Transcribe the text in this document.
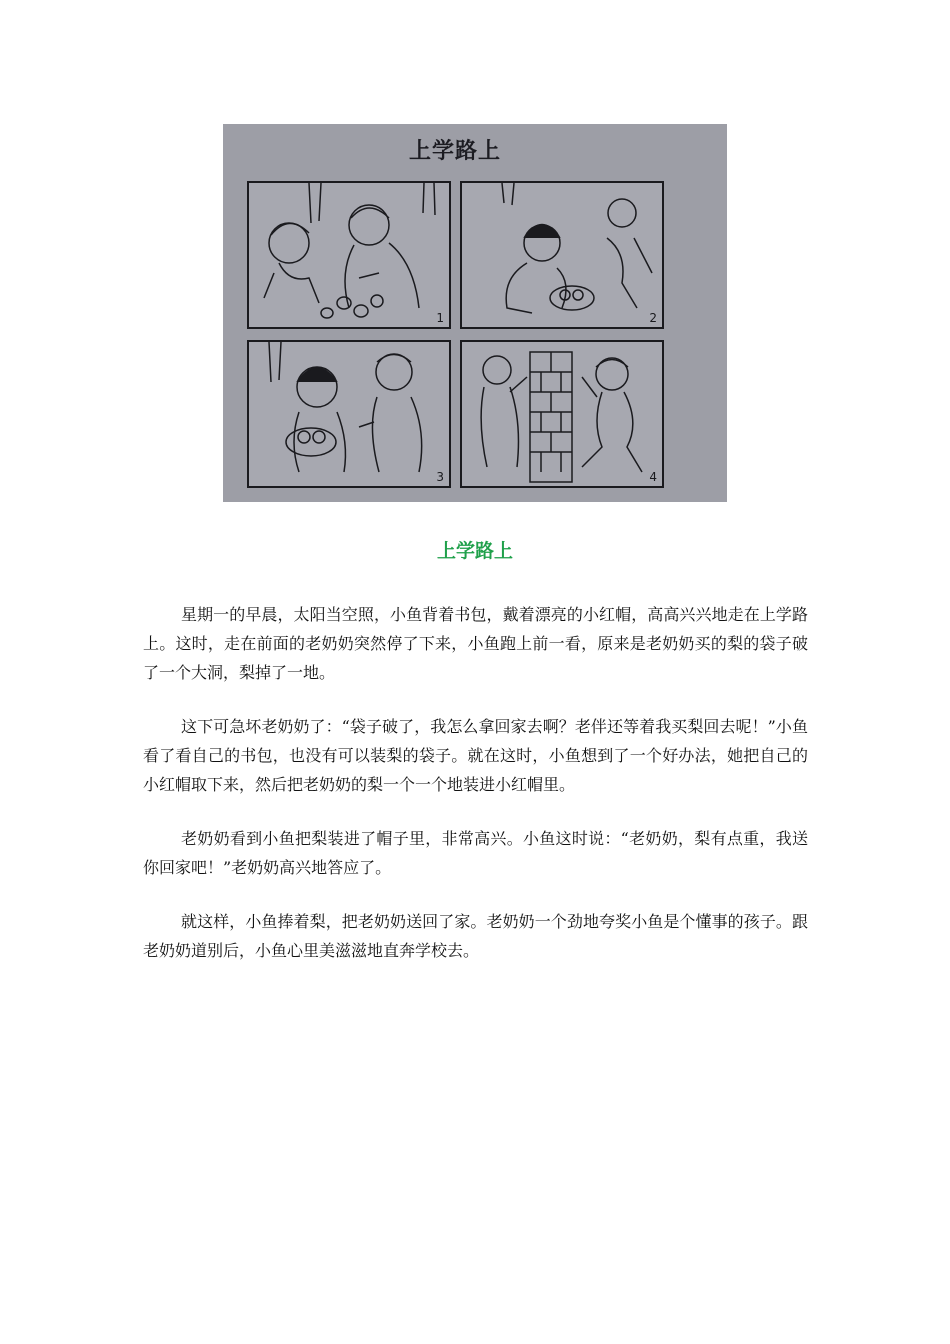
上学路上
1	2
3	4
上学路上

星期一的早晨，太阳当空照，小鱼背着书包，戴着漂亮的小红帽，高高兴兴地走在上学路上。这时，走在前面的老奶奶突然停了下来，小鱼跑上前一看，原来是老奶奶买的梨的袋子破了一个大洞，梨掉了一地。

这下可急坏老奶奶了：“袋子破了，我怎么拿回家去啊？老伴还等着我买梨回去呢！”小鱼看了看自己的书包，也没有可以装梨的袋子。就在这时，小鱼想到了一个好办法，她把自己的小红帽取下来，然后把老奶奶的梨一个一个地装进小红帽里。

老奶奶看到小鱼把梨装进了帽子里，非常高兴。小鱼这时说：“老奶奶，梨有点重，我送你回家吧！”老奶奶高兴地答应了。

就这样，小鱼捧着梨，把老奶奶送回了家。老奶奶一个劲地夸奖小鱼是个懂事的孩子。跟老奶奶道别后，小鱼心里美滋滋地直奔学校去。
